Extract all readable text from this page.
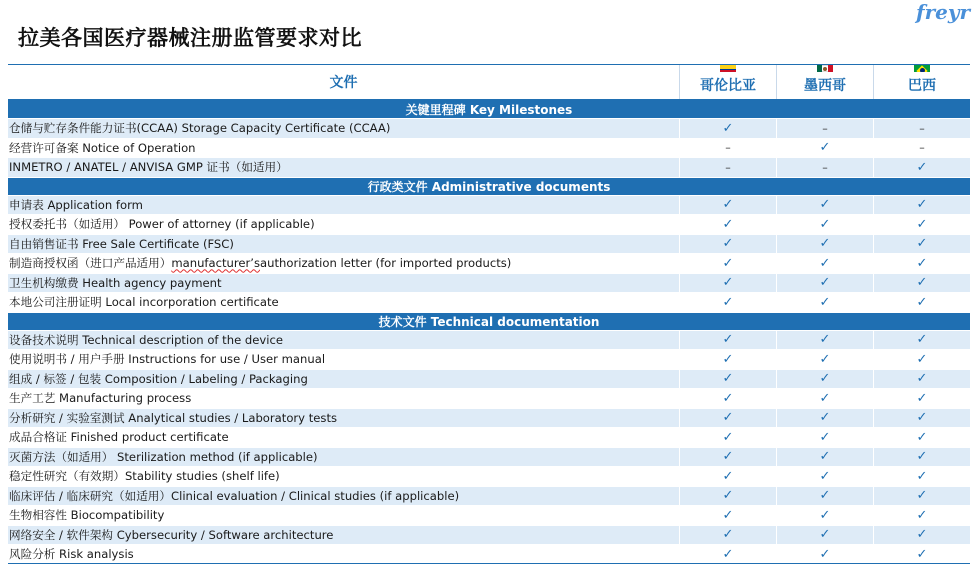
拉美各国医疗器械注册监管要求对比
freyr
文件	哥伦比亚	墨西哥	巴西
关键里程碑 Key Milestones
仓储与贮存条件能力证书(CCAA) Storage Capacity Certificate (CCAA)	✓	–	–
经营许可备案 Notice of Operation	–	✓	–
INMETRO / ANATEL / ANVISA GMP 证书（如适用）	–	–	✓
行政类文件 Administrative documents
申请表 Application form	✓	✓	✓
授权委托书（如适用） Power of attorney (if applicable)	✓	✓	✓
自由销售证书 Free Sale Certificate (FSC)	✓	✓	✓
制造商授权函（进口产品适用） manufacturer’s authorization letter (for imported products)	✓	✓	✓
卫生机构缴费 Health agency payment	✓	✓	✓
本地公司注册证明 Local incorporation certificate	✓	✓	✓
技术文件 Technical documentation
设备技术说明 Technical description of the device	✓	✓	✓
使用说明书 / 用户手册 Instructions for use / User manual	✓	✓	✓
组成 / 标签 / 包装 Composition / Labeling / Packaging	✓	✓	✓
生产工艺 Manufacturing process	✓	✓	✓
分析研究 / 实验室测试 Analytical studies / Laboratory tests	✓	✓	✓
成品合格证 Finished product certificate	✓	✓	✓
灭菌方法（如适用） Sterilization method (if applicable)	✓	✓	✓
稳定性研究（有效期）Stability studies (shelf life)	✓	✓	✓
临床评估 / 临床研究（如适用）Clinical evaluation / Clinical studies (if applicable)	✓	✓	✓
生物相容性 Biocompatibility	✓	✓	✓
网络安全 / 软件架构 Cybersecurity / Software architecture	✓	✓	✓
风险分析 Risk analysis	✓	✓	✓
